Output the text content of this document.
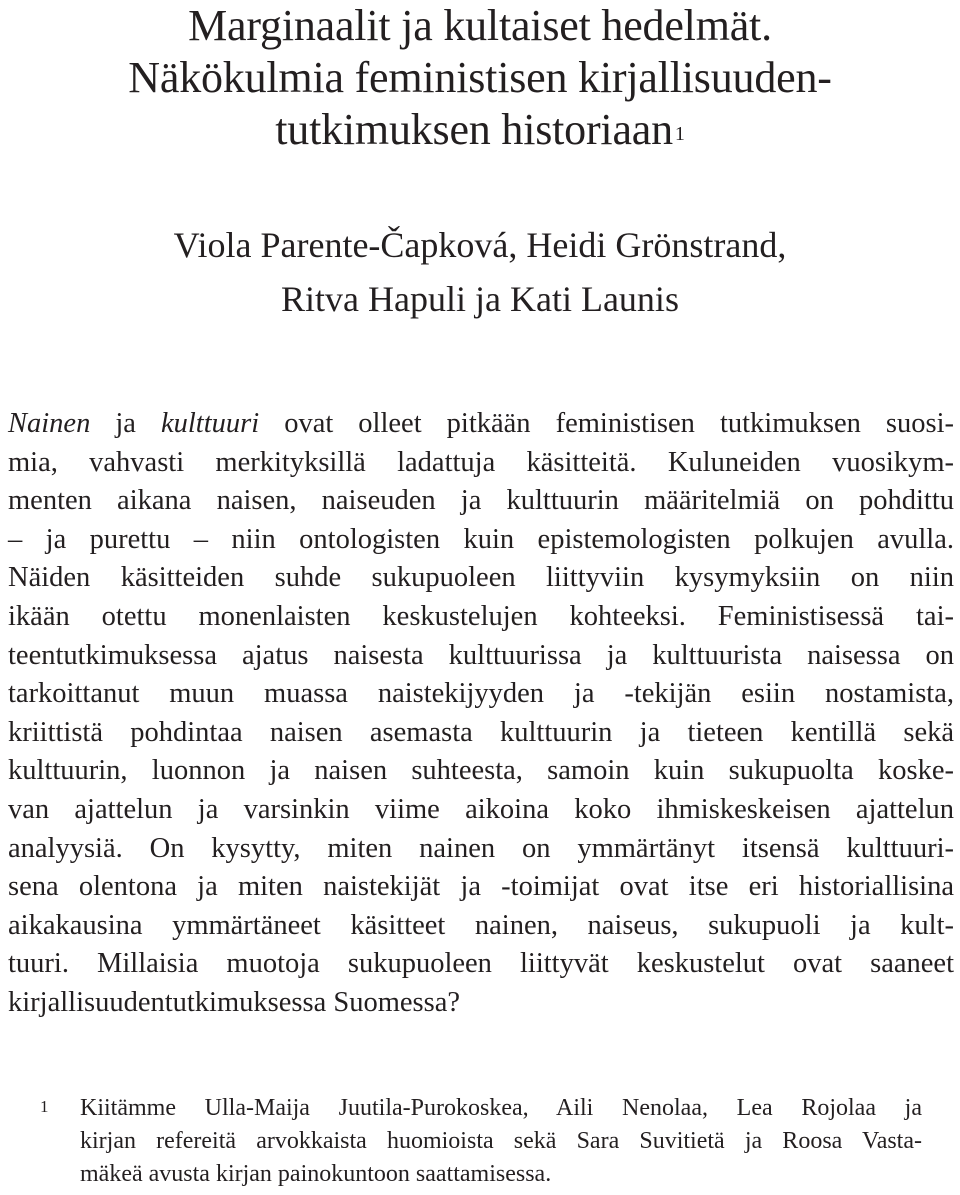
Marginaalit ja kultaiset hedelmät.
Näkökulmia feministisen kirjallisuuden-
tutkimuksen historiaan $^1$
Viola Parente-Čapková, Heidi Grönstrand,
Ritva Hapuli ja Kati Launis
Nainen ja kulttuuri ovat olleet pitkään feministisen tutkimuksen suosi-
mia, vahvasti merkityksillä ladattuja käsitteitä. Kuluneiden vuosikym-
menten aikana naisen, naiseuden ja kulttuurin määritelmiä on pohdittu
– ja purettu – niin ontologisten kuin epistemologisten polkujen avulla.
Näiden käsitteiden suhde sukupuoleen liittyviin kysymyksiin on niin
ikään otettu monenlaisten keskustelujen kohteeksi. Feministisessä tai-
teentutkimuksessa ajatus naisesta kulttuurissa ja kulttuurista naisessa on
tarkoittanut muun muassa naistekijyyden ja -tekijän esiin nostamista,
kriittistä pohdintaa naisen asemasta kulttuurin ja tieteen kentillä sekä
kulttuurin, luonnon ja naisen suhteesta, samoin kuin sukupuolta koske-
van ajattelun ja varsinkin viime aikoina koko ihmiskeskeisen ajattelun
analyysiä. On kysytty, miten nainen on ymmärtänyt itsensä kulttuuri-
sena olentona ja miten naistekijät ja -toimijat ovat itse eri historiallisina
aikakausina ymmärtäneet käsitteet nainen, naiseus, sukupuoli ja kult-
tuuri. Millaisia muotoja sukupuoleen liittyvät keskustelut ovat saaneet
kirjallisuudentutkimuksessa Suomessa?
1 Kiitämme Ulla-Maija Juutila-Purokoskea, Aili Nenolaa, Lea Rojolaa ja
kirjan refereitä arvokkaista huomioista sekä Sara Suvitietä ja Roosa Vasta-
mäkeä avusta kirjan painokuntoon saattamisessa.
